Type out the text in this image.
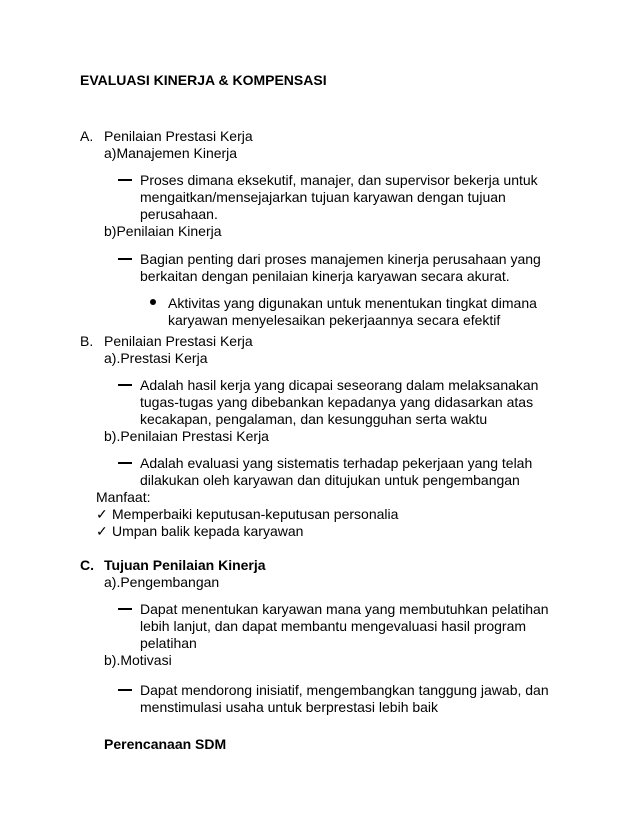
EVALUASI KINERJA & KOMPENSASI
A. Penilaian Prestasi Kerja
a)Manajemen Kinerja
Proses dimana eksekutif, manajer, dan supervisor bekerja untuk
mengaitkan/mensejajarkan tujuan karyawan dengan tujuan
perusahaan.
b)Penilaian Kinerja
Bagian penting dari proses manajemen kinerja perusahaan yang
berkaitan dengan penilaian kinerja karyawan secara akurat.
Aktivitas yang digunakan untuk menentukan tingkat dimana
karyawan menyelesaikan pekerjaannya secara efektif
B. Penilaian Prestasi Kerja
a).Prestasi Kerja
Adalah hasil kerja yang dicapai seseorang dalam melaksanakan
tugas-tugas yang dibebankan kepadanya yang didasarkan atas
kecakapan, pengalaman, dan kesungguhan serta waktu
b).Penilaian Prestasi Kerja
Adalah evaluasi yang sistematis terhadap pekerjaan yang telah
dilakukan oleh karyawan dan ditujukan untuk pengembangan
Manfaat:
✓ Memperbaiki keputusan-keputusan personalia
✓ Umpan balik kepada karyawan
C. Tujuan Penilaian Kinerja
a).Pengembangan
Dapat menentukan karyawan mana yang membutuhkan pelatihan
lebih lanjut, dan dapat membantu mengevaluasi hasil program
pelatihan
b).Motivasi
Dapat mendorong inisiatif, mengembangkan tanggung jawab, dan
menstimulasi usaha untuk berprestasi lebih baik
Perencanaan SDM
